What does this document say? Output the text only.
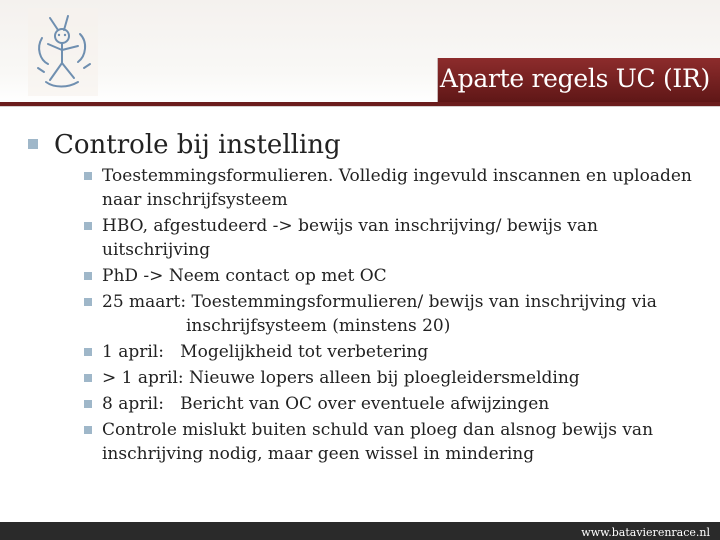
Aparte regels UC (IR)
Controle bij instelling
Toestemmingsformulieren. Volledig ingevuld inscannen en uploaden naar inschrijfsysteem
HBO, afgestudeerd -> bewijs van inschrijving/ bewijs van uitschrijving
PhD -> Neem contact op met OC
25 maart: Toestemmingsformulieren/ bewijs van inschrijving via
inschrijfsysteem (minstens 20)
1 april:   Mogelijkheid tot verbetering
> 1 april: Nieuwe lopers alleen bij ploegleidersmelding
8 april:   Bericht van OC over eventuele afwijzingen
Controle mislukt buiten schuld van ploeg dan alsnog bewijs van inschrijving nodig, maar geen wissel in mindering
www.batavierenrace.nl
